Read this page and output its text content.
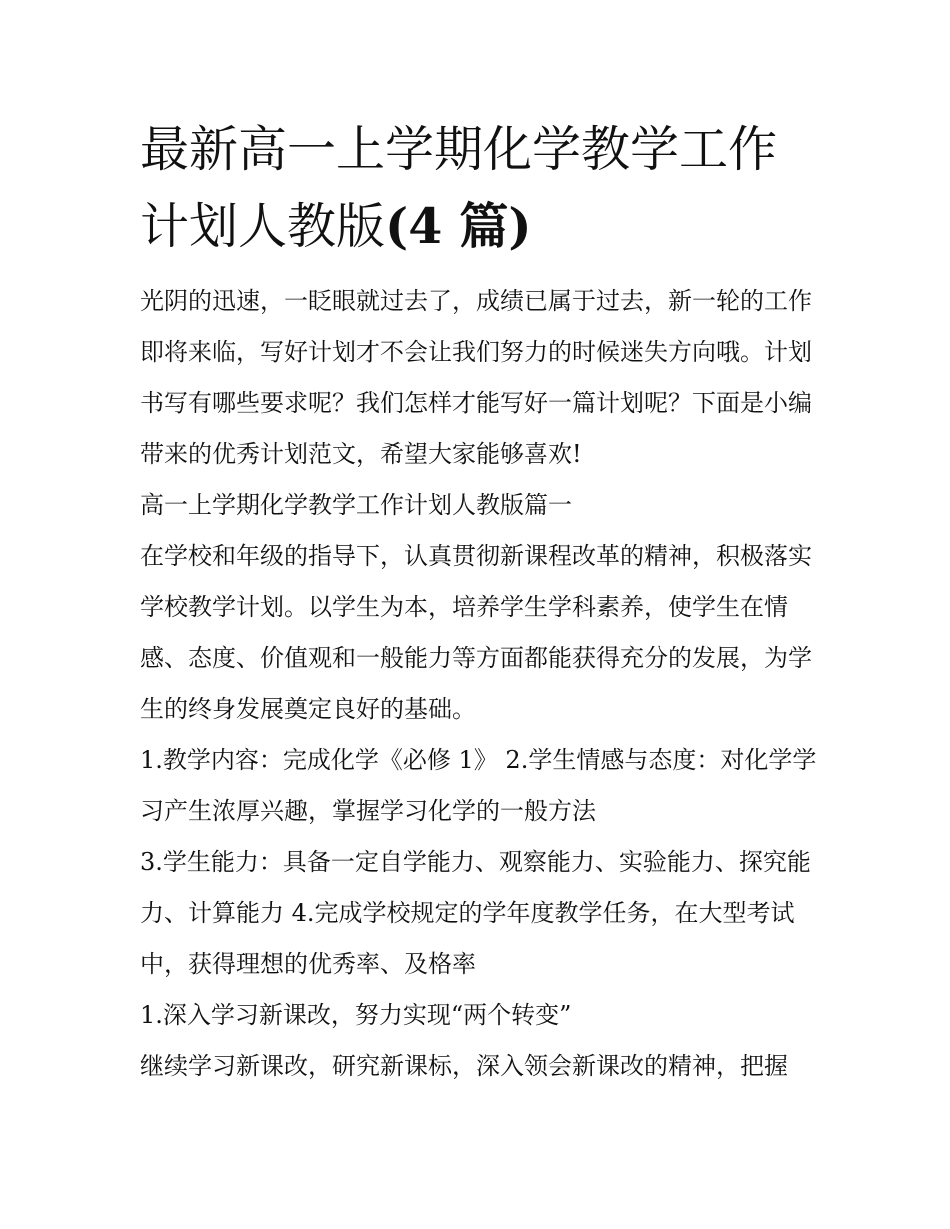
最新高一上学期化学教学工作计划人教版(4 篇)

光阴的迅速，一眨眼就过去了，成绩已属于过去，新一轮的工作即将来临，写好计划才不会让我们努力的时候迷失方向哦。计划书写有哪些要求呢？我们怎样才能写好一篇计划呢？下面是小编带来的优秀计划范文，希望大家能够喜欢!

高一上学期化学教学工作计划人教版篇一

在学校和年级的指导下，认真贯彻新课程改革的精神，积极落实学校教学计划。以学生为本，培养学生学科素养，使学生在情感、态度、价值观和一般能力等方面都能获得充分的发展，为学生的终身发展奠定良好的基础。

1.教学内容：完成化学《必修 1》 2.学生情感与态度：对化学学习产生浓厚兴趣，掌握学习化学的一般方法

3.学生能力：具备一定自学能力、观察能力、实验能力、探究能力、计算能力 4.完成学校规定的学年度教学任务，在大型考试中，获得理想的优秀率、及格率

1.深入学习新课改，努力实现“两个转变”

继续学习新课改，研究新课标，深入领会新课改的精神，把握
